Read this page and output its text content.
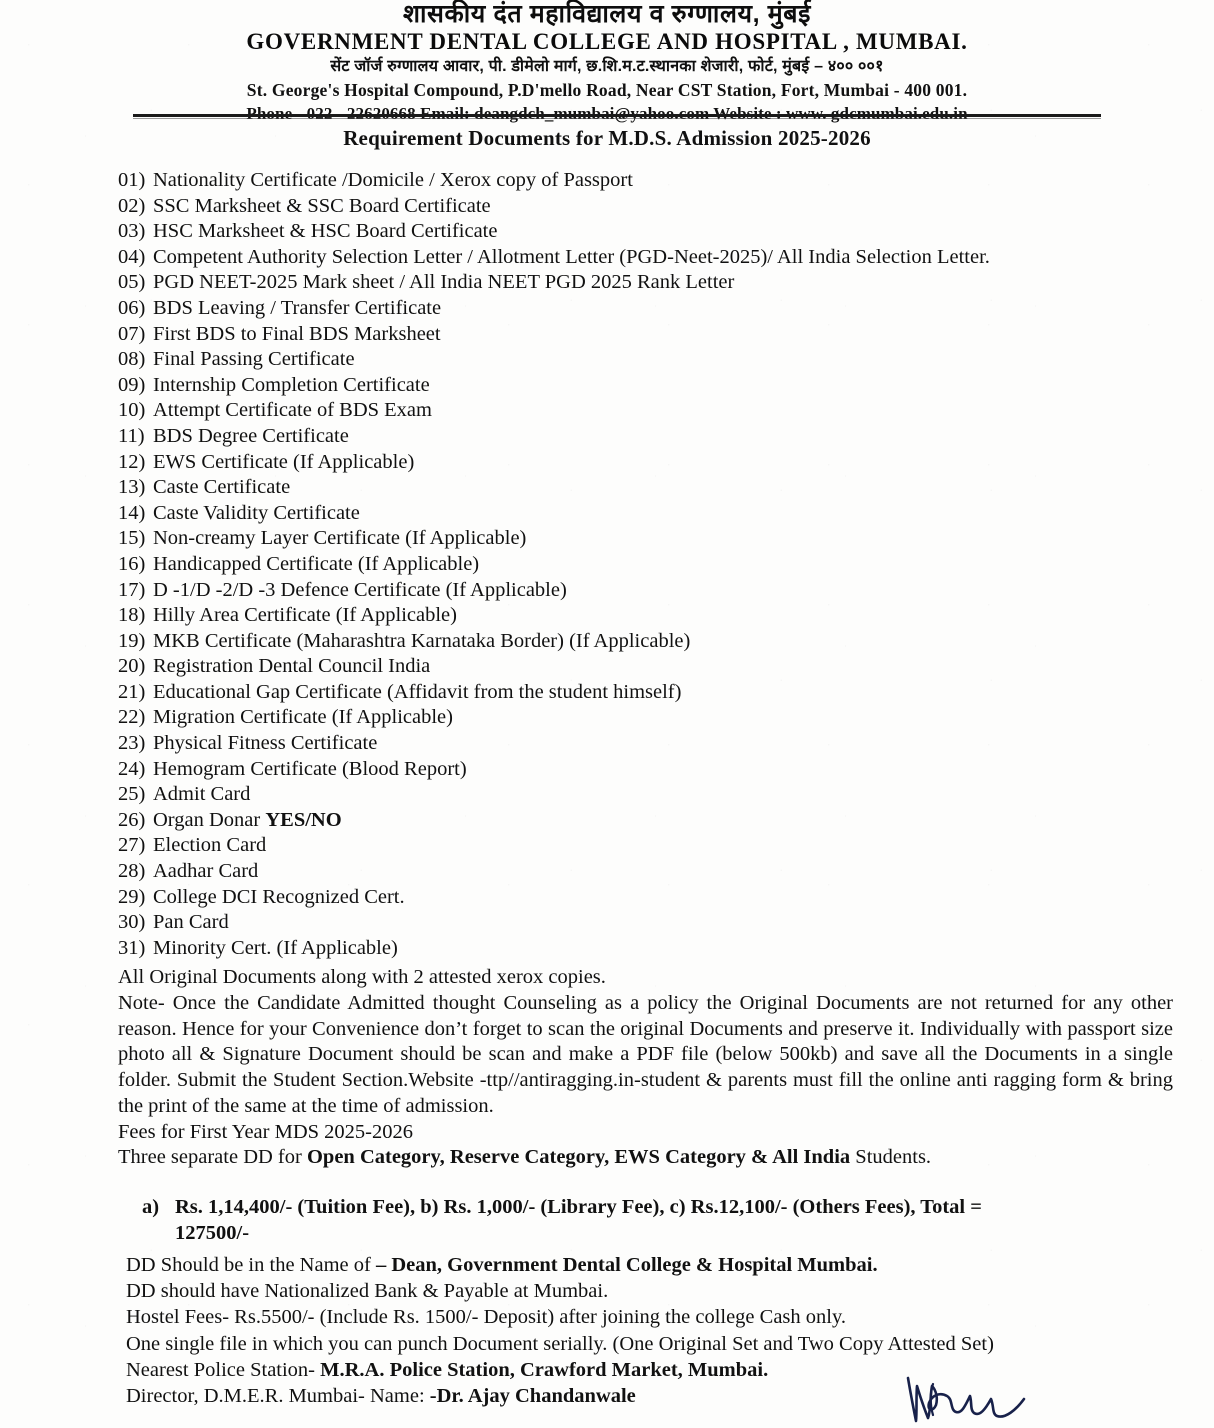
शासकीय दंत महाविद्यालय व रुग्णालय, मुंबई
GOVERNMENT DENTAL COLLEGE AND HOSPITAL , MUMBAI.
सेंट जॉर्ज रुग्णालय आवार, पी. डीमेलो मार्ग, छ.शि.म.ट.स्थानका शेजारी, फोर्ट, मुंबई – ४०० ००१
St. George's Hospital Compound, P.D'mello Road, Near CST Station, Fort, Mumbai - 400 001.
Requirement Documents for M.D.S. Admission 2025-2026
01) Nationality Certificate /Domicile / Xerox copy of Passport
02) SSC Marksheet & SSC Board Certificate
03) HSC Marksheet & HSC Board Certificate
04) Competent Authority Selection Letter / Allotment Letter (PGD-Neet-2025)/ All India Selection Letter.
05) PGD NEET-2025 Mark sheet / All India NEET PGD 2025 Rank Letter
06) BDS Leaving / Transfer Certificate
07) First BDS to Final BDS Marksheet
08) Final Passing Certificate
09) Internship Completion Certificate
10) Attempt Certificate of BDS Exam
11) BDS Degree Certificate
12) EWS Certificate (If Applicable)
13) Caste Certificate
14) Caste Validity Certificate
15) Non-creamy Layer Certificate (If Applicable)
16) Handicapped Certificate (If Applicable)
17) D -1/D -2/D -3 Defence Certificate (If Applicable)
18) Hilly Area Certificate (If Applicable)
19) MKB Certificate (Maharashtra Karnataka Border) (If Applicable)
20) Registration Dental Council India
21) Educational Gap Certificate (Affidavit from the student himself)
22) Migration Certificate (If Applicable)
23) Physical Fitness Certificate
24) Hemogram Certificate (Blood Report)
25) Admit Card
26) Organ Donar YES/NO
27) Election Card
28) Aadhar Card
29) College DCI Recognized Cert.
30) Pan Card
31) Minority Cert. (If Applicable)
All Original Documents along with 2 attested xerox copies.
Note- Once the Candidate Admitted thought Counseling as a policy the Original Documents are not returned for any other reason. Hence for your Convenience don’t forget to scan the original Documents and preserve it. Individually with passport size photo all & Signature Document should be scan and make a PDF file (below 500kb) and save all the Documents in a single folder. Submit the Student Section.Website -ttp//antiragging.in-student & parents must fill the online anti ragging form & bring the print of the same at the time of admission.
Fees for First Year MDS 2025-2026
Three separate DD for Open Category, Reserve Category, EWS Category & All India Students.
a) Rs. 1,14,400/- (Tuition Fee), b) Rs. 1,000/- (Library Fee), c) Rs.12,100/- (Others Fees), Total =
127500/-
DD Should be in the Name of – Dean, Government Dental College & Hospital Mumbai.
DD should have Nationalized Bank & Payable at Mumbai.
Hostel Fees- Rs.5500/- (Include Rs. 1500/- Deposit) after joining the college Cash only.
One single file in which you can punch Document serially. (One Original Set and Two Copy Attested Set)
Nearest Police Station- M.R.A. Police Station, Crawford Market, Mumbai.
Director, D.M.E.R. Mumbai- Name: -Dr. Ajay Chandanwale
